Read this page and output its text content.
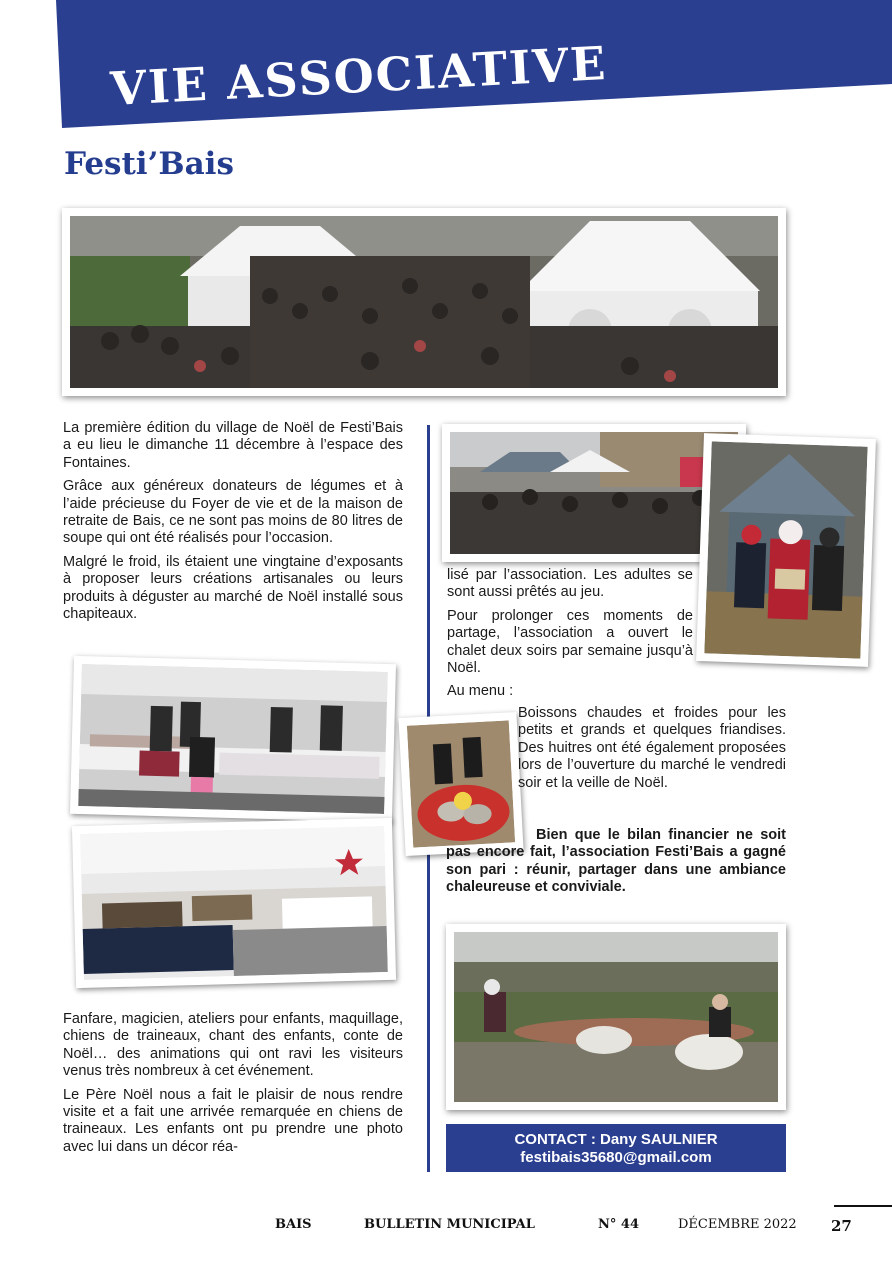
VIE ASSOCIATIVE
Festi’Bais

La première édition du village de Noël de Festi’Bais a eu lieu le dimanche 11 décembre à l’espace des Fontaines.

Grâce aux généreux donateurs de légumes et à l’aide précieuse du Foyer de vie et de la maison de retraite de Bais, ce ne sont pas moins de 80 litres de soupe qui ont été réalisés pour l’occasion.

Malgré le froid, ils étaient une vingtaine d’exposants à proposer leurs créations artisanales ou leurs produits à déguster au marché de Noël installé sous chapiteaux.

Fanfare, magicien, ateliers pour enfants, maquillage, chiens de traineaux, chant des enfants, conte de Noël… des animations qui ont ravi les visiteurs venus très nombreux à cet événement.

Le Père Noël nous a fait le plaisir de nous rendre visite et a fait une arrivée remarquée en chiens de traineaux. Les enfants ont pu prendre une photo avec lui dans un décor réa-

lisé par l’association. Les adultes se sont aussi prêtés au jeu.

Pour prolonger ces moments de partage, l’association a ouvert le chalet deux soirs par semaine jusqu’à Noël.

Au menu :

Boissons chaudes et froides pour les petits et grands et quelques friandises. Des huitres ont été également proposées lors de l’ouverture du marché le vendredi soir et la veille de Noël.

Bien que le bilan financier ne soit pas encore fait, l’association Festi’Bais a gagné son pari : réunir, partager dans une ambiance chaleureuse et conviviale.

CONTACT : Dany SAULNIER
festibais35680@gmail.com
BAIS	BULLETIN MUNICIPAL	N° 44	DÉCEMBRE 2022 27
